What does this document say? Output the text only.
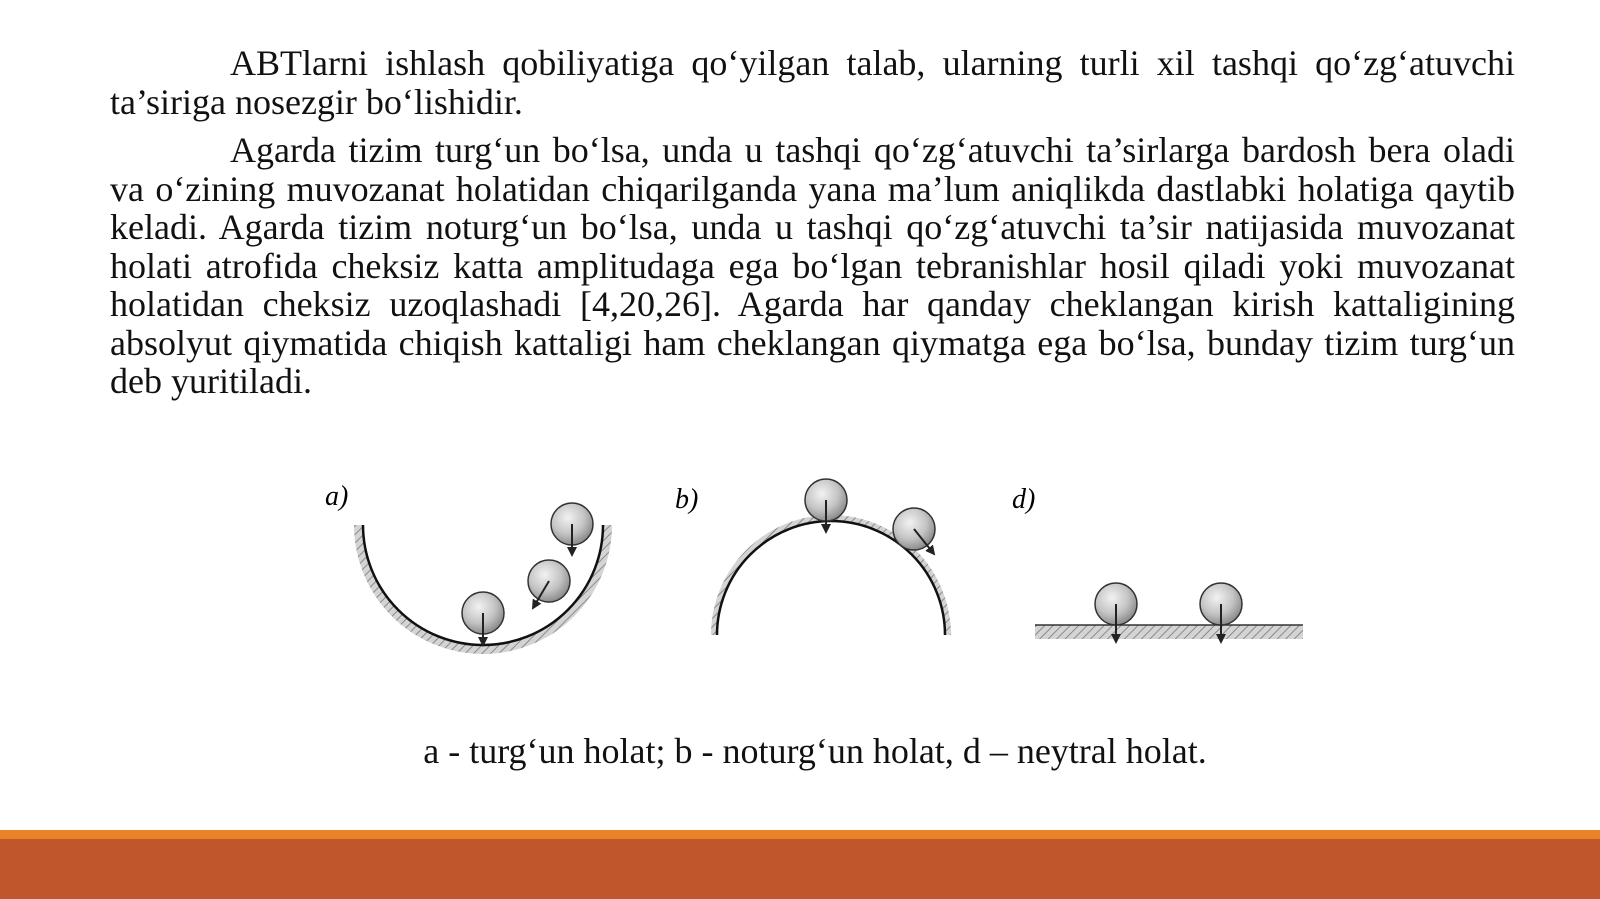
ABTlarni ishlash qobiliyatiga qo‘yilgan talab, ularning turli xil tashqi qo‘zg‘atuvchi ta’siriga nosezgir bo‘lishidir.

Agarda tizim turg‘un bo‘lsa, unda u tashqi qo‘zg‘atuvchi ta’sirlarga bardosh bera oladi va o‘zining muvozanat holatidan chiqarilganda yana ma’lum aniqlikda dastlabki holatiga qaytib keladi. Agarda tizim noturg‘un bo‘lsa, unda u tashqi qo‘zg‘atuvchi ta’sir natijasida muvozanat holati atrofida cheksiz katta amplitudaga ega bo‘lgan tebranishlar hosil qiladi yoki muvozanat holatidan cheksiz uzoqlashadi [4,20,26]. Agarda har qanday cheklangan kirish kattaligining absolyut qiymatida chiqish kattaligi ham cheklangan qiymatga ega bo‘lsa, bunday tizim turg‘un deb yuritiladi.

a)	b)	d)
a - turg‘un holat; b - noturg‘un holat, d – neytral holat.
